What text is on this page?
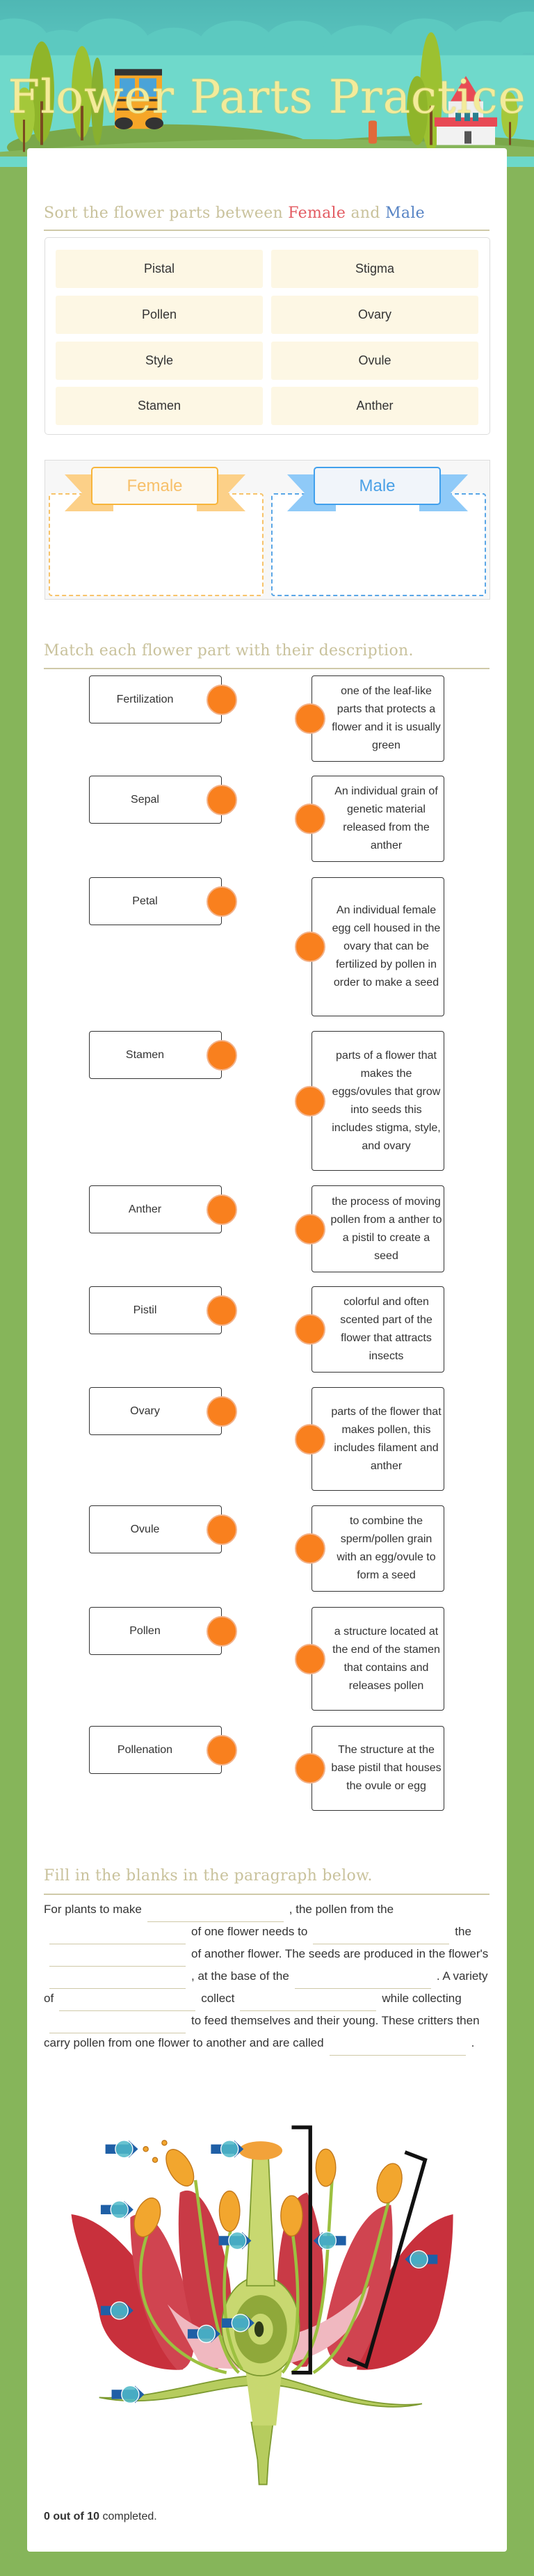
Flower Parts Practice
Sort the flower parts between Female and Male
Pistal	Stigma
Pollen	Ovary
Style	Ovule
Stamen	Anther
Female	Male
Match each flower part with their description.
Fertilization
one of the leaf-like parts that protects a flower and it is usually green
Sepal
An individual grain of genetic material released from the anther
Petal
An individual female egg cell housed in the ovary that can be fertilized by pollen in order to make a seed
Stamen	parts of a flower that makes the eggs/ovules that grow into seeds this includes stigma, style, and ovary
Anther
the process of moving pollen from a anther to a pistil to create a seed
Pistil
colorful and often scented part of the flower that attracts insects
Ovary	parts of the flower that makes pollen, this includes filament and anther
Ovule
to combine the sperm/pollen grain with an egg/ovule to form a seed
Pollen	a structure located at the end of the stamen that contains and releases pollen
Pollenation	The structure at the base pistil that houses the ovule or egg
Fill in the blanks in the paragraph below.
For plants to make	, the pollen from theof one flower needs to	theof another flower. The seeds are produced in the flower's, at the base of the	. A variety of	collect	while collectingto feed themselves and their young. These critters then carry pollen from one flower to another and are called	.
0 out of 10 completed.
